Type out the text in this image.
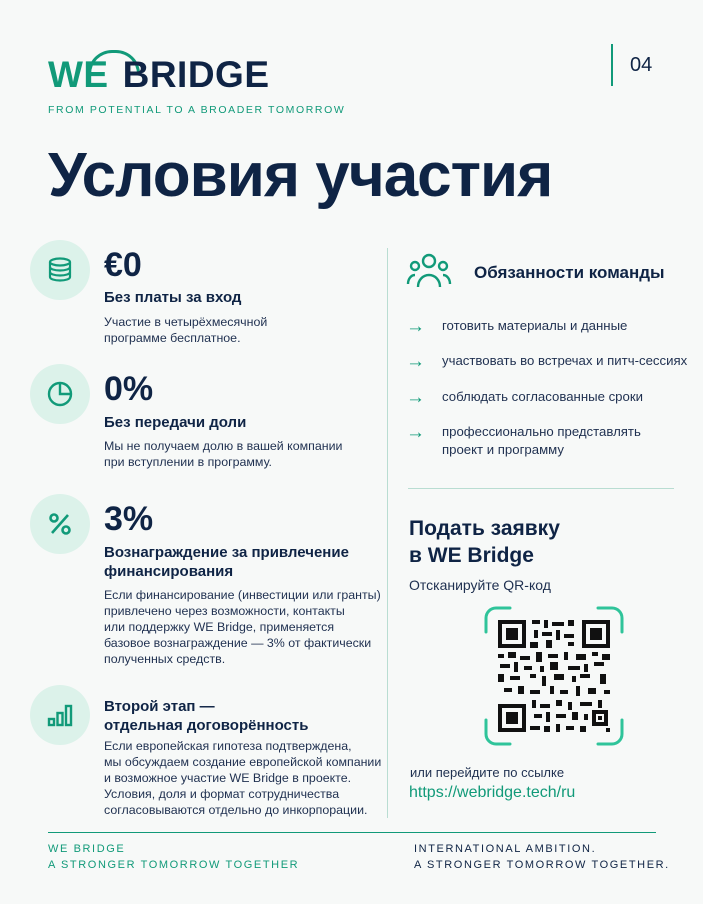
WE BRIDGE
FROM POTENTIAL TO A BROADER TOMORROW
04
Условия участия
€0
Без платы за вход
Участие в четырёхмесячной
программе бесплатное.
0%
Без передачи доли
Мы не получаем долю в вашей компании
при вступлении в программу.
3%
Вознаграждение за привлечение
финансирования
Если финансирование (инвестиции или гранты)
привлечено через возможности, контакты
или поддержку WE Bridge, применяется
базовое вознаграждение — 3% от фактически
полученных средств.
Второй этап —
отдельная договорённость
Если европейская гипотеза подтверждена,
мы обсуждаем создание европейской компании
и возможное участие WE Bridge в проекте.
Условия, доля и формат сотрудничества
согласовываются отдельно до инкорпорации.
Обязанности команды
→ готовить материалы и данные
→ участвовать во встречах и питч-сессиях
→ соблюдать согласованные сроки
→ профессионально представлять
проект и программу
Подать заявку
в WE Bridge
Отсканируйте QR-код
или перейдите по ссылке
https://webridge.tech/ru
WE BRIDGE
A STRONGER TOMORROW TOGETHER
INTERNATIONAL AMBITION.
A STRONGER TOMORROW TOGETHER.
